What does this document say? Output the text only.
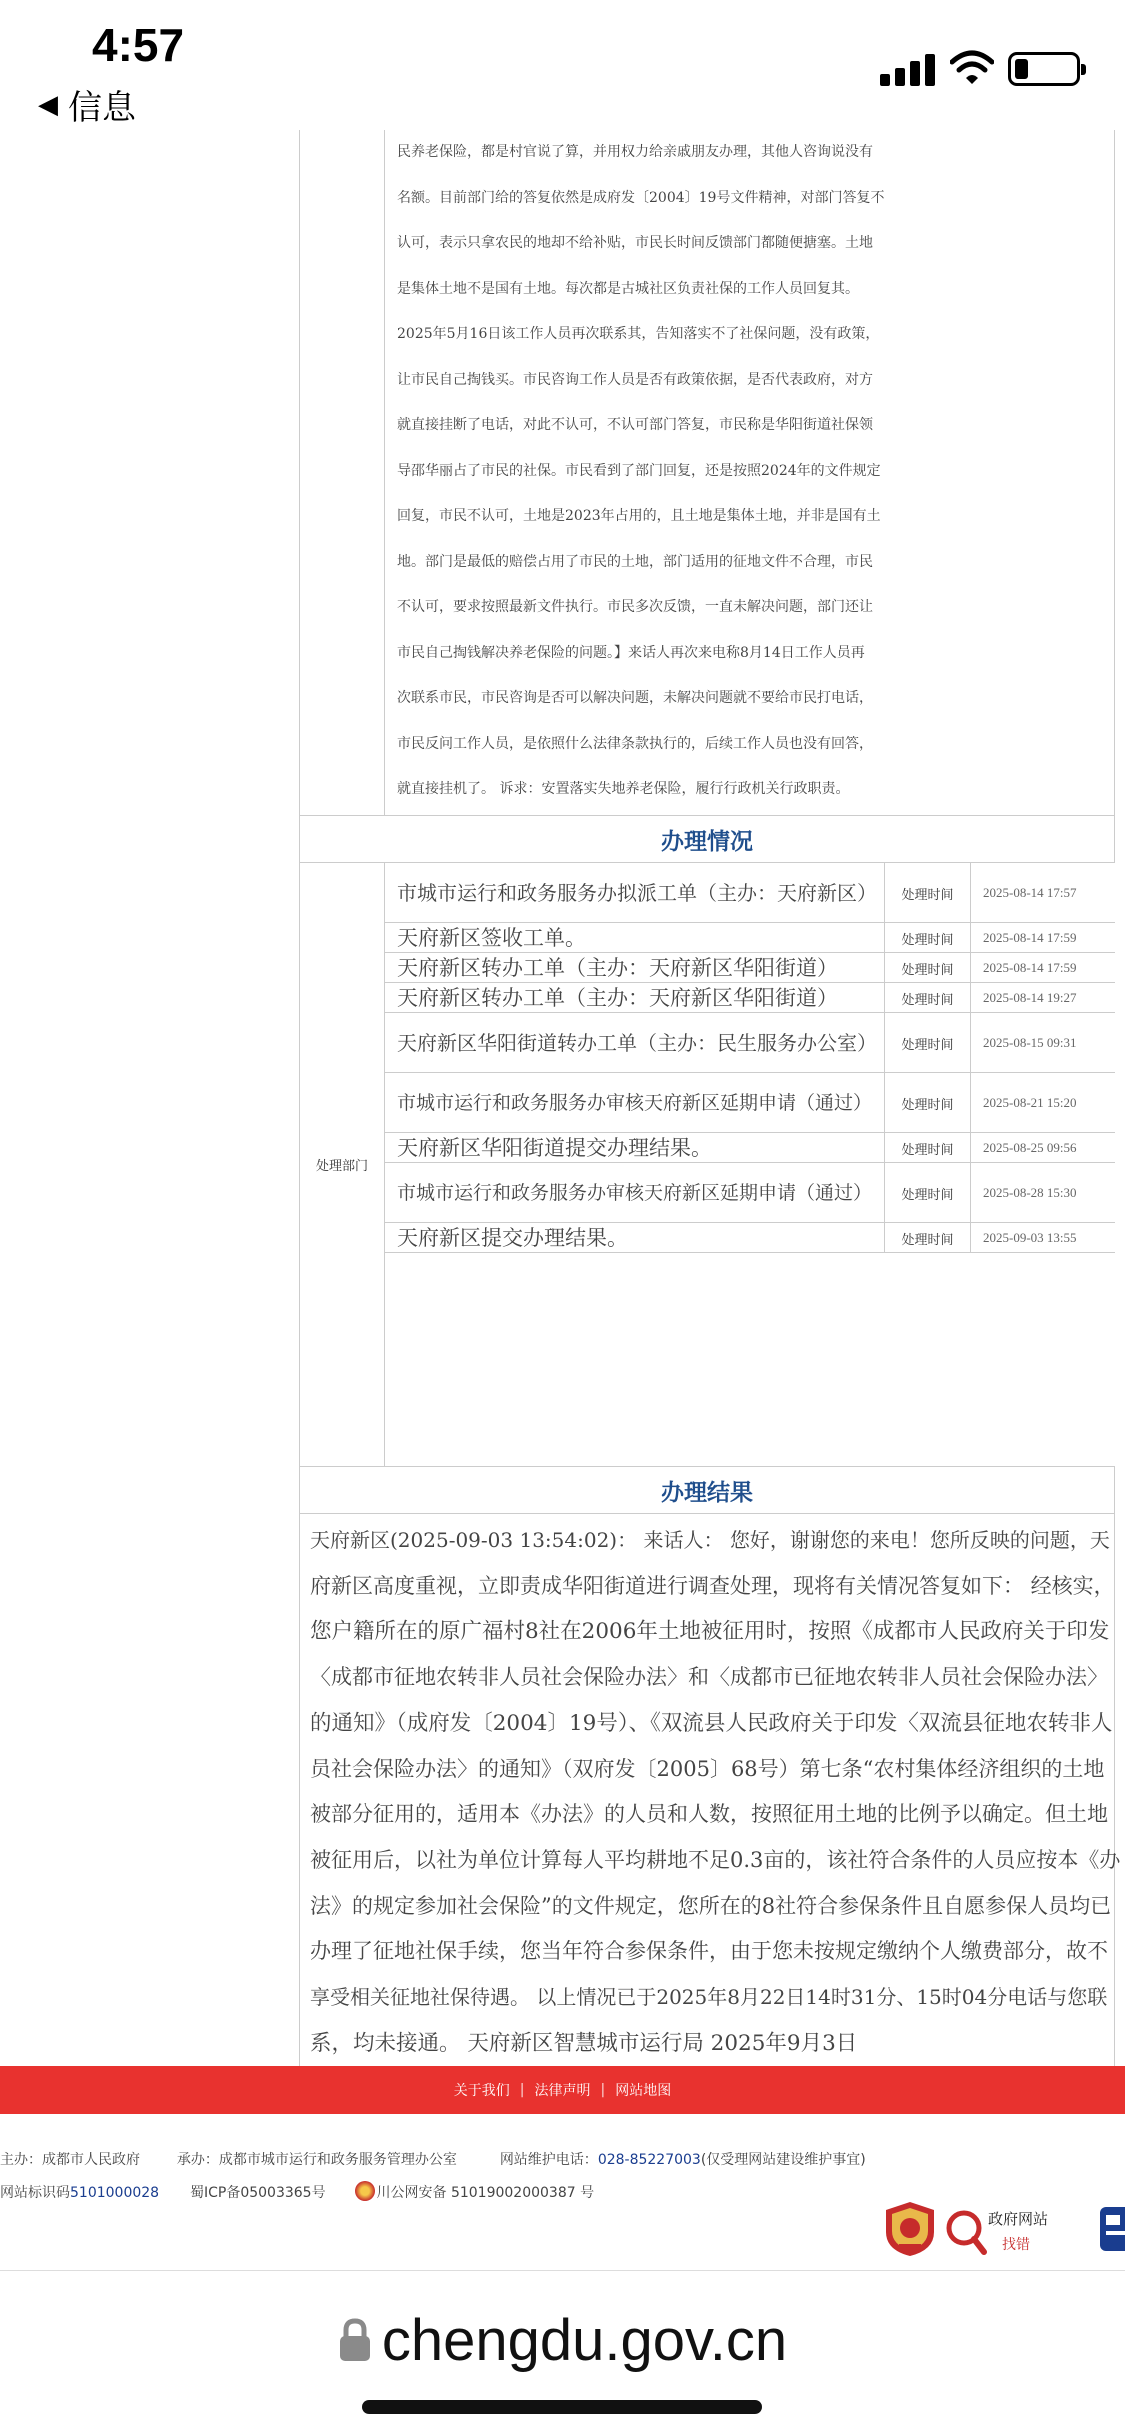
4:57
◀ 信息
民养老保险，都是村官说了算，并用权力给亲戚朋友办理，其他人咨询说没有
名额。目前部门给的答复依然是成府发〔2004〕19号文件精神，对部门答复不
认可，表示只拿农民的地却不给补贴，市民长时间反馈部门都随便搪塞。土地
是集体土地不是国有土地。每次都是古城社区负责社保的工作人员回复其。
2025年5月16日该工作人员再次联系其，告知落实不了社保问题，没有政策，
让市民自己掏钱买。市民咨询工作人员是否有政策依据，是否代表政府，对方
就直接挂断了电话，对此不认可，不认可部门答复，市民称是华阳街道社保领
导邵华丽占了市民的社保。市民看到了部门回复，还是按照2024年的文件规定
回复，市民不认可，土地是2023年占用的，且土地是集体土地，并非是国有土
地。部门是最低的赔偿占用了市民的土地，部门适用的征地文件不合理，市民
不认可，要求按照最新文件执行。市民多次反馈，一直未解决问题，部门还让
市民自己掏钱解决养老保险的问题。】来话人再次来电称8月14日工作人员再
次联系市民，市民咨询是否可以解决问题，未解决问题就不要给市民打电话，
市民反问工作人员，是依照什么法律条款执行的，后续工作人员也没有回答，
就直接挂机了。 诉求：安置落实失地养老保险，履行行政机关行政职责。
办理情况
处理部门
市城市运行和政务服务办拟派工单（主办：天府新区）	处理时间	2025-08-14 17:57
天府新区签收工单。	处理时间	2025-08-14 17:59
天府新区转办工单（主办：天府新区华阳街道）	处理时间	2025-08-14 17:59
天府新区转办工单（主办：天府新区华阳街道）	处理时间	2025-08-14 19:27
天府新区华阳街道转办工单（主办：民生服务办公室）	处理时间	2025-08-15 09:31
市城市运行和政务服务办审核天府新区延期申请（通过）	处理时间	2025-08-21 15:20
天府新区华阳街道提交办理结果。	处理时间	2025-08-25 09:56
市城市运行和政务服务办审核天府新区延期申请（通过）	处理时间	2025-08-28 15:30
天府新区提交办理结果。	处理时间	2025-09-03 13:55
办理结果
天府新区(2025-09-03 13:54:02)： 来话人： 您好，谢谢您的来电！您所反映的问题，天
府新区高度重视，立即责成华阳街道进行调查处理，现将有关情况答复如下： 经核实，
您户籍所在的原广福村8社在2006年土地被征用时，按照《成都市人民政府关于印发
〈成都市征地农转非人员社会保险办法〉和〈成都市已征地农转非人员社会保险办法〉
的通知》（成府发〔2004〕19号）、《双流县人民政府关于印发〈双流县征地农转非人
员社会保险办法〉的通知》（双府发〔2005〕68号）第七条“农村集体经济组织的土地
被部分征用的，适用本《办法》的人员和人数，按照征用土地的比例予以确定。但土地
被征用后，以社为单位计算每人平均耕地不足0.3亩的，该社符合条件的人员应按本《办
法》的规定参加社会保险”的文件规定，您所在的8社符合参保条件且自愿参保人员均已
办理了征地社保手续，您当年符合参保条件，由于您未按规定缴纳个人缴费部分，故不
享受相关征地社保待遇。 以上情况已于2025年8月22日14时31分、15时04分电话与您联
系，均未接通。 天府新区智慧城市运行局 2025年9月3日
关于我们 | 法律声明 | 网站地图
主办：成都市人民政府	承办：成都市城市运行和政务服务管理办公室	网站维护电话：028-85227003(仅受理网站建设维护事宜)
网站标识码5101000028 蜀ICP备05003365号	川公网安备 51019002000387 号
政府网站
找错
chengdu.gov.cn
